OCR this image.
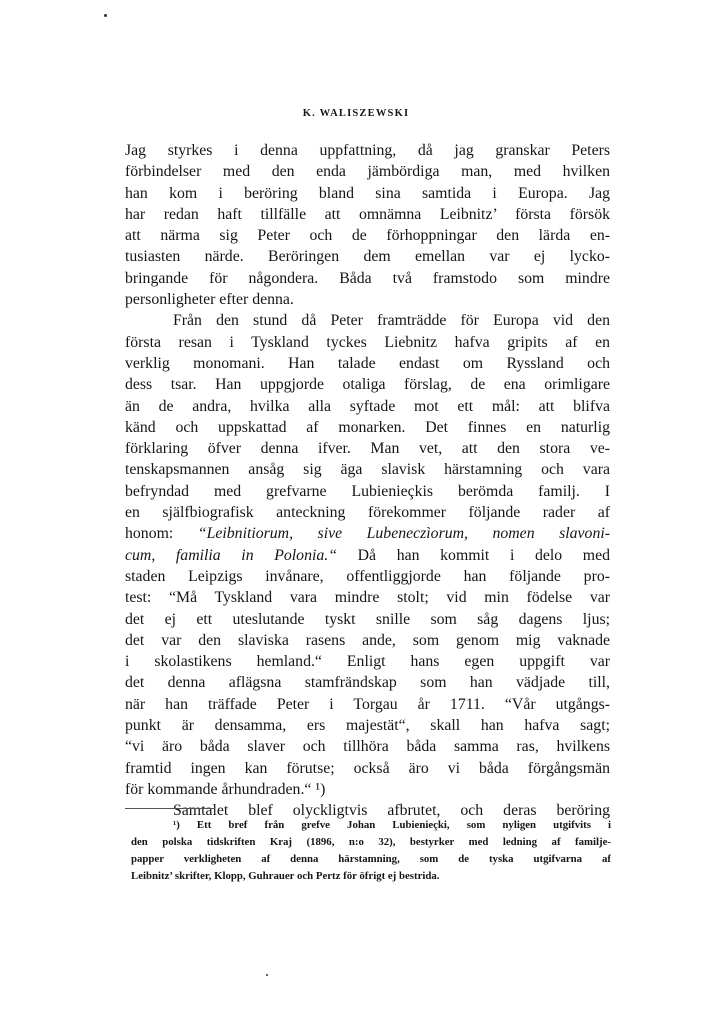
K. WALISZEWSKI
Jag styrkes i denna uppfattning, då jag granskar Peters
förbindelser med den enda jämbördiga man, med hvilken
han kom i beröring bland sina samtida i Europa. Jag
har redan haft tillfälle att omnämna Leibnitz’ första försök
att närma sig Peter och de förhoppningar den lärda en-
tusiasten närde. Beröringen dem emellan var ej lycko-
bringande för någondera. Båda två framstodo som mindre
personligheter efter denna.
Från den stund då Peter framträdde för Europa vid den
första resan i Tyskland tyckes Liebnitz hafva gripits af en
verklig monomani. Han talade endast om Ryssland och
dess tsar. Han uppgjorde otaliga förslag, de ena orimligare
än de andra, hvilka alla syftade mot ett mål: att blifva
känd och uppskattad af monarken. Det finnes en naturlig
förklaring öfver denna ifver. Man vet, att den stora ve-
tenskapsmannen ansåg sig äga slavisk härstamning och vara
befryndad med grefvarne Lubienieçkis berömda familj. I
en själfbiografisk anteckning förekommer följande rader af
honom: “Leibnitiorum, sive Lubeneczìorum, nomen slavoni-
cum, familia in Polonia.“ Då han kommit i delo med
staden Leipzigs invånare, offentliggjorde han följande pro-
test: “Må Tyskland vara mindre stolt; vid min födelse var
det ej ett uteslutande tyskt snille som såg dagens ljus;
det var den slaviska rasens ande, som genom mig vaknade
i skolastikens hemland.“ Enligt hans egen uppgift var
det denna aflägsna stamfrändskap som han vädjade till,
när han träffade Peter i Torgau år 1711. “Vår utgångs-
punkt är densamma, ers majestät“, skall han hafva sagt;
“vi äro båda slaver och tillhöra båda samma ras, hvilkens
framtid ingen kan förutse; också äro vi båda förgångsmän
för kommande århundraden.“ ¹)
Samtalet blef olyckligtvis afbrutet, och deras beröring
¹) Ett bref från grefve Johan Lubienieçki, som nyligen utgifvits i
den polska tidskriften Kraj (1896, n:o 32), bestyrker med ledning af familje-
papper verkligheten af denna härstamning, som de tyska utgifvarna af
Leibnitz’ skrifter, Klopp, Guhrauer och Pertz för öfrigt ej bestrida.
